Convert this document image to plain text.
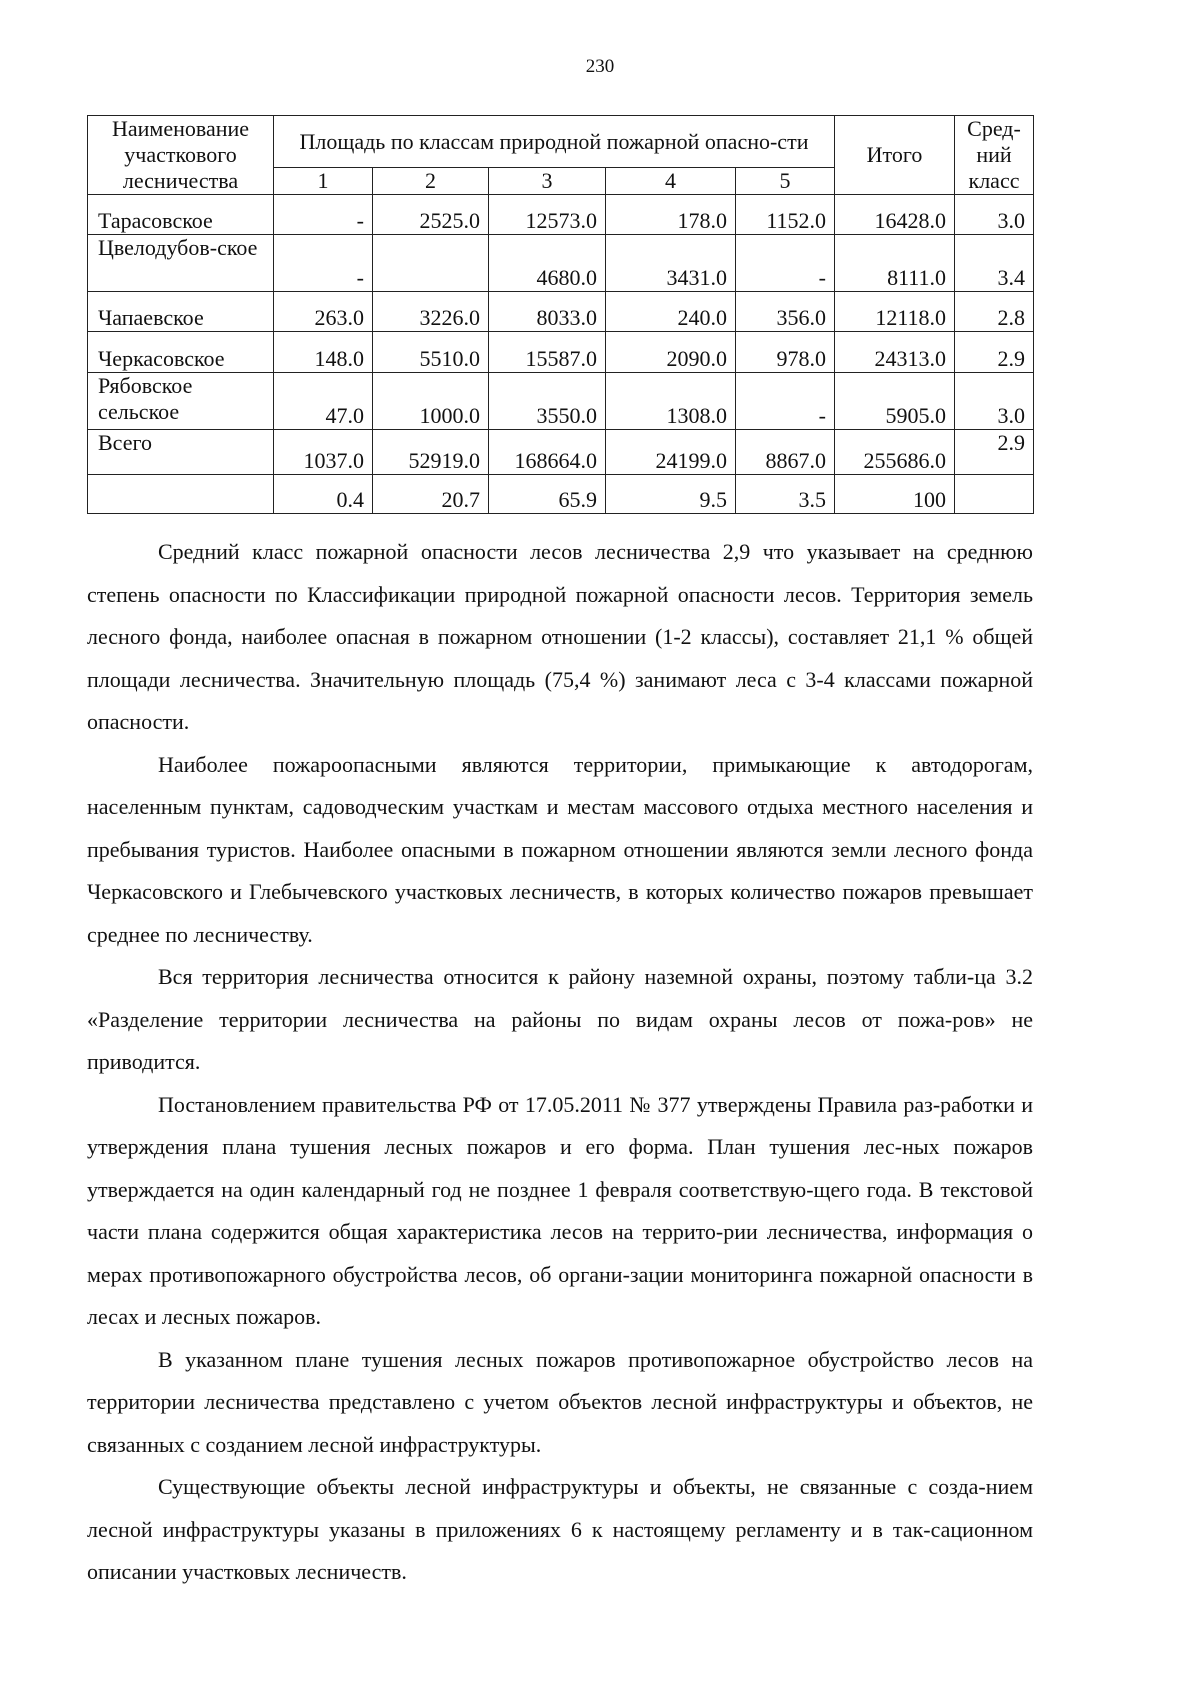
230
Наименование участкового лесничества	Площадь по классам природной пожарной опасно-сти					Итого	Сред-ний класс
	1	2	3	4	5		
Тарасовское	-	2525.0	12573.0	178.0	1152.0	16428.0	3.0
Цвелодубов-ское	-		4680.0	3431.0	-	8111.0	3.4
Чапаевское	263.0	3226.0	8033.0	240.0	356.0	12118.0	2.8
Черкасовское	148.0	5510.0	15587.0	2090.0	978.0	24313.0	2.9
Рябовское сельское	47.0	1000.0	3550.0	1308.0	-	5905.0	3.0
Всего	1037.0	52919.0	168664.0	24199.0	8867.0	255686.0	2.9
	0.4	20.7	65.9	9.5	3.5	100	

Средний класс пожарной опасности лесов лесничества 2,9 что указывает на среднюю степень опасности по Классификации природной пожарной опасности лесов. Территория земель лесного фонда, наиболее опасная в пожарном отношении (1-2 классы), составляет 21,1 % общей площади лесничества. Значительную площадь (75,4 %) занимают леса с 3-4 классами пожарной опасности.

Наиболее пожароопасными являются территории, примыкающие к автодорогам, населенным пунктам, садоводческим участкам и местам массового отдыха местного населения и пребывания туристов. Наиболее опасными в пожарном отношении являются земли лесного фонда Черкасовского и Глебычевского участковых лесничеств, в которых количество пожаров превышает среднее по лесничеству.

Вся территория лесничества относится к району наземной охраны, поэтому табли-ца 3.2 «Разделение территории лесничества на районы по видам охраны лесов от пожа-ров» не приводится.

Постановлением правительства РФ от 17.05.2011 № 377 утверждены Правила раз-работки и утверждения плана тушения лесных пожаров и его форма. План тушения лес-ных пожаров утверждается на один календарный год не позднее 1 февраля соответствую-щего года. В текстовой части плана содержится общая характеристика лесов на террито-рии лесничества, информация о мерах противопожарного обустройства лесов, об органи-зации мониторинга пожарной опасности в лесах и лесных пожаров.

В указанном плане тушения лесных пожаров противопожарное обустройство лесов на территории лесничества представлено с учетом объектов лесной инфраструктуры и объектов, не связанных с созданием лесной инфраструктуры.

Существующие объекты лесной инфраструктуры и объекты, не связанные с созда-нием лесной инфраструктуры указаны в приложениях 6 к настоящему регламенту и в так-сационном описании участковых лесничеств.
